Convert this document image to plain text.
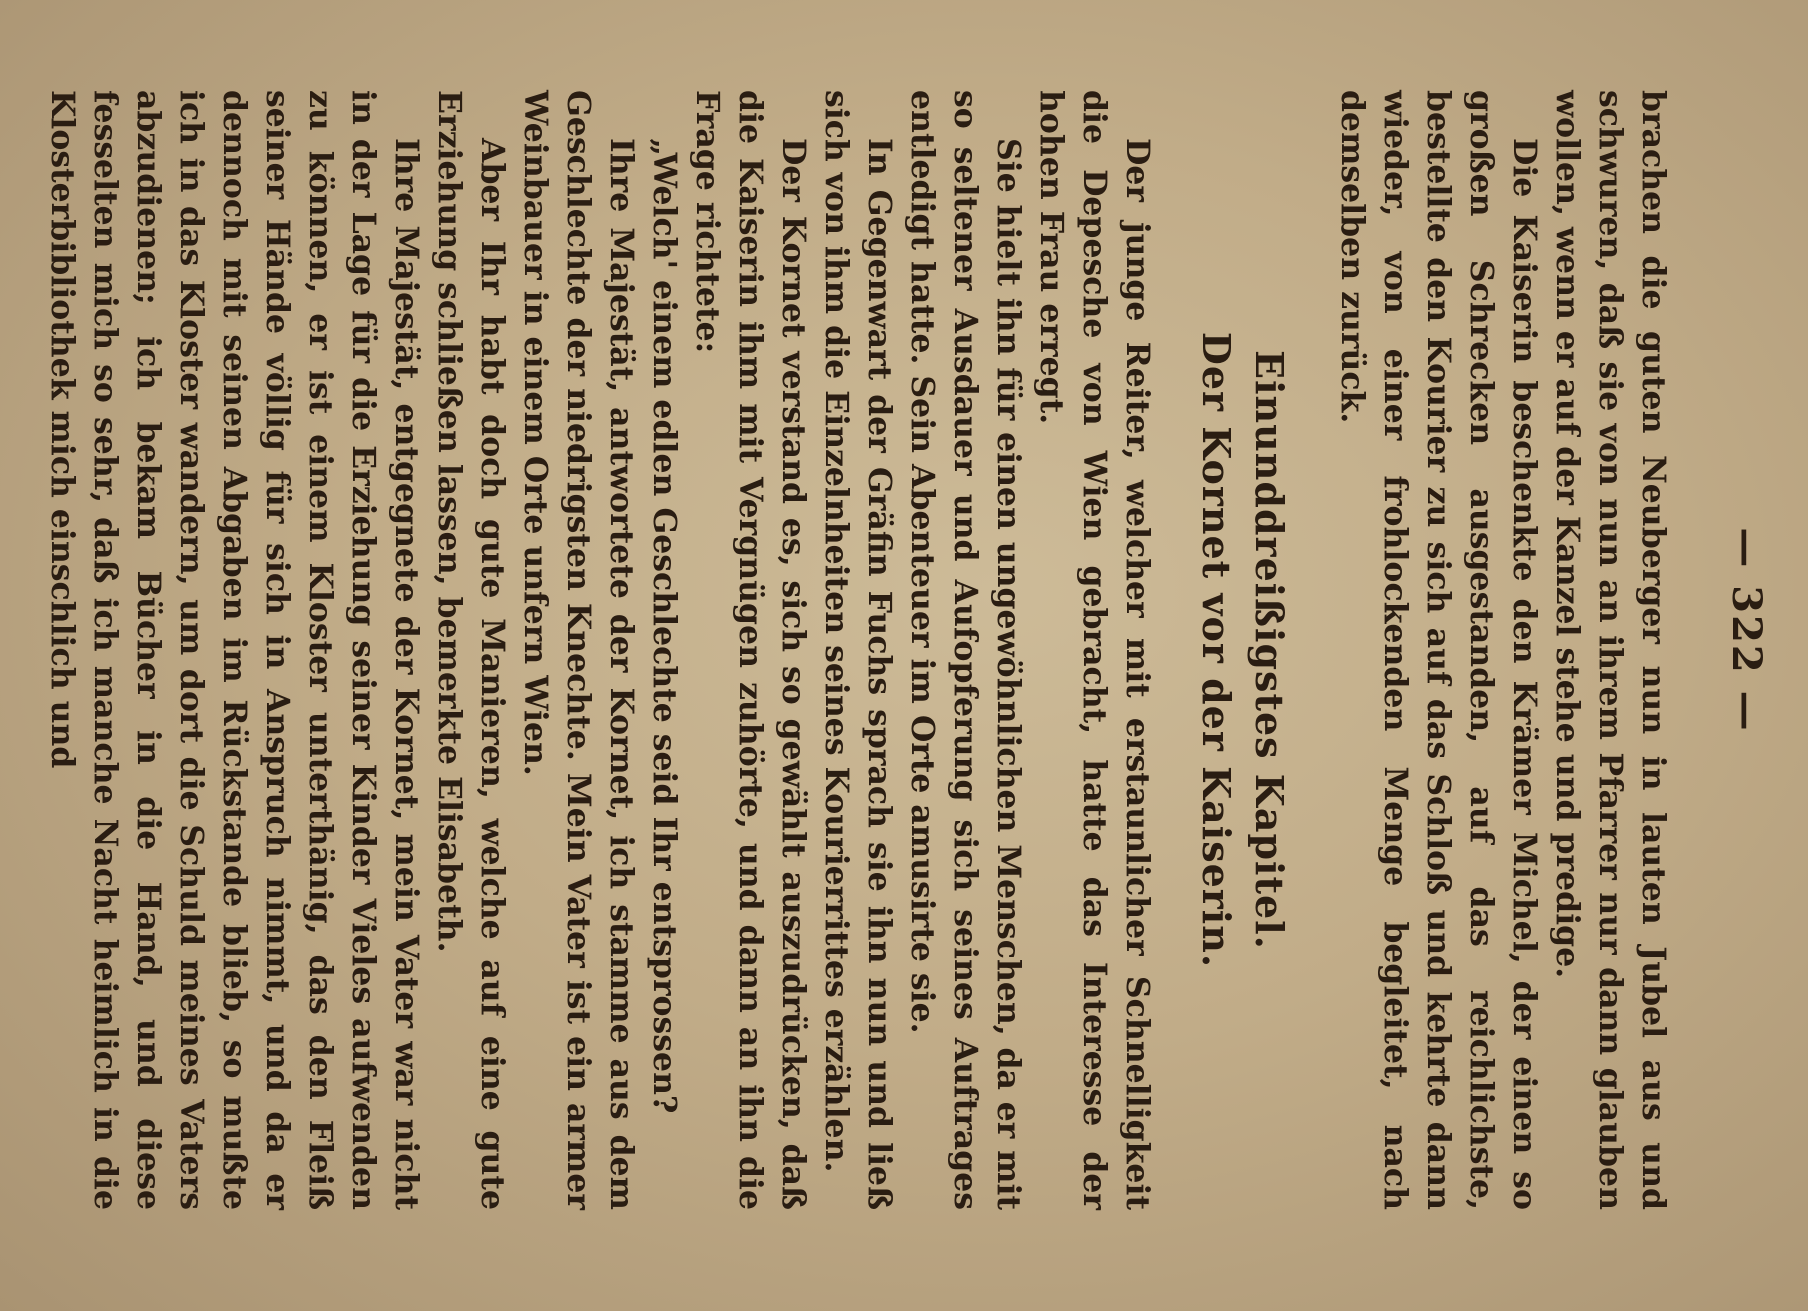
— 322 —

brachen die guten Neuberger nun in lauten Jubel aus und schwuren, daß sie von nun an ihrem Pfarrer nur dann glauben wollen, wenn er auf der Kanzel stehe und predige.

Die Kaiserin beschenkte den Krämer Michel, der einen so großen Schrecken ausgestanden, auf das reichlichste, bestellte den Kourier zu sich auf das Schloß und kehrte dann wieder, von einer frohlockenden Menge begleitet, nach demselben zurück.

Einunddreißigstes Kapitel.
Der Kornet vor der Kaiserin.

Der junge Reiter, welcher mit erstaunlicher Schnelligkeit die Depesche von Wien gebracht, hatte das Interesse der hohen Frau erregt.

Sie hielt ihn für einen ungewöhnlichen Menschen, da er mit so seltener Ausdauer und Aufopferung sich seines Auftrages entledigt hatte. Sein Abenteuer im Orte amusirte sie.

In Gegenwart der Gräfin Fuchs sprach sie ihn nun und ließ sich von ihm die Einzelnheiten seines Kourierrittes erzählen.

Der Kornet verstand es, sich so gewählt auszudrücken, daß die Kaiserin ihm mit Vergnügen zuhörte, und dann an ihn die Frage richtete:

„Welch' einem edlen Geschlechte seid Ihr entsprossen?

Ihre Majestät, antwortete der Kornet, ich stamme aus dem Geschlechte der niedrigsten Knechte. Mein Vater ist ein armer Weinbauer in einem Orte unfern Wien.

Aber Ihr habt doch gute Manieren, welche auf eine gute Erziehung schließen lassen, bemerkte Elisabeth.

Ihre Majestät, entgegnete der Kornet, mein Vater war nicht in der Lage für die Erziehung seiner Kinder Vieles aufwenden zu können, er ist einem Kloster unterthänig, das den Fleiß seiner Hände völlig für sich in Anspruch nimmt, und da er dennoch mit seinen Abgaben im Rückstande blieb, so mußte ich in das Kloster wandern, um dort die Schuld meines Vaters abzudienen; ich bekam Bücher in die Hand, und diese fesselten mich so sehr, daß ich manche Nacht heimlich in die Klosterbibliothek mich einschlich und
